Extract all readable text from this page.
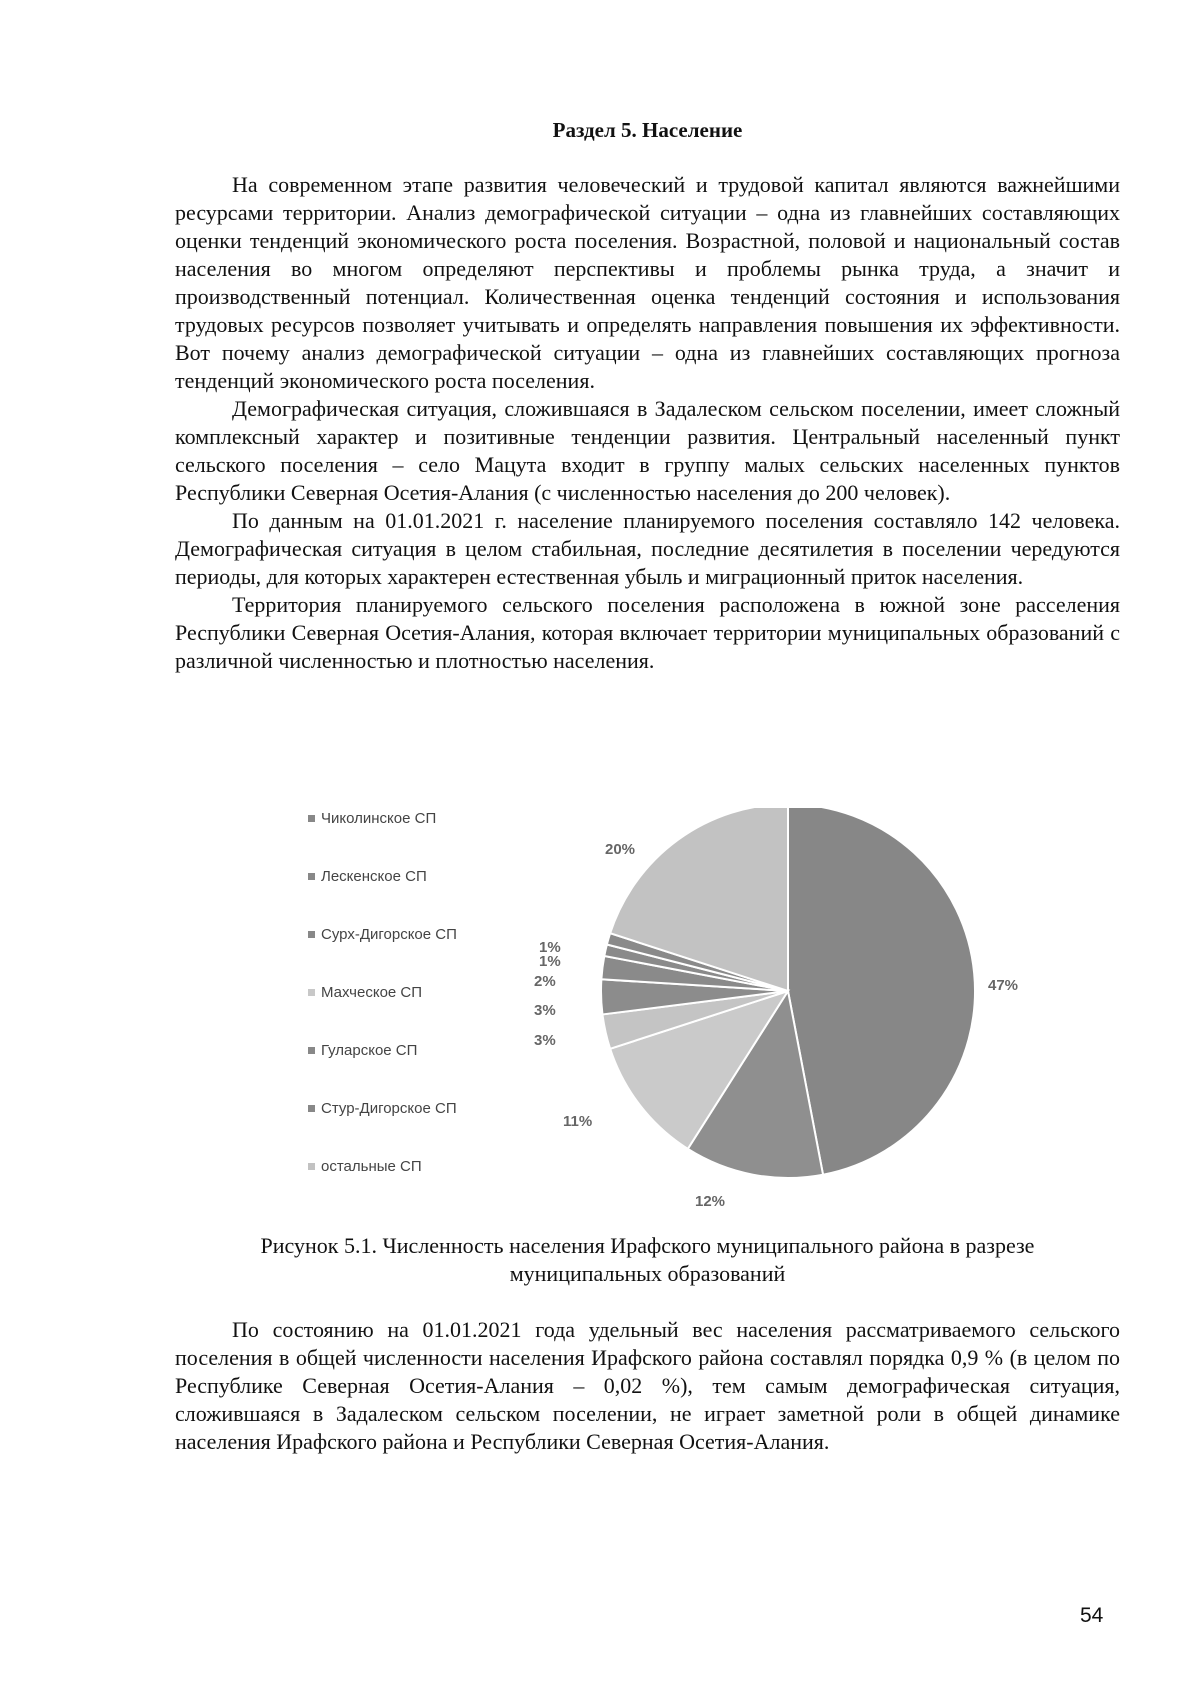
Раздел 5. Население

На современном этапе развития человеческий и трудовой капитал являются важнейшими ресурсами территории. Анализ демографической ситуации – одна из главнейших составляющих оценки тенденций экономического роста поселения. Возрастной, половой и национальный состав населения во многом определяют перспективы и проблемы рынка труда, а значит и производственный потенциал. Количественная оценка тенденций состояния и использования трудовых ресурсов позволяет учитывать и определять направления повышения их эффективности. Вот почему анализ демографической ситуации – одна из главнейших составляющих прогноза тенденций экономического роста поселения.

Демографическая ситуация, сложившаяся в Задалеском сельском поселении, имеет сложный комплексный характер и позитивные тенденции развития. Центральный населенный пункт сельского поселения – село Мацута входит в группу малых сельских населенных пунктов Республики Северная Осетия-Алания (с численностью населения до 200 человек).

По данным на 01.01.2021 г. население планируемого поселения составляло 142 человека. Демографическая ситуация в целом стабильная, последние десятилетия в поселении чередуются периоды, для которых характерен естественная убыль и миграционный приток населения.

Территория планируемого сельского поселения расположена в южной зоне расселения Республики Северная Осетия-Алания, которая включает территории муниципальных образований с различной численностью и плотностью населения.

Чиколинское СП
Лескенское СП
Сурх-Дигорское СП
Махческое СП
Гуларское СП
Стур-Дигорское СП
остальные СП
47%
12%
11%
3%
3%
2%
1%
1%
20%
Рисунок 5.1. Численность населения Ирафского муниципального района в разрезе
муниципальных образований

По состоянию на 01.01.2021 года удельный вес населения рассматриваемого сельского поселения в общей численности населения Ирафского района составлял порядка 0,9 % (в целом по Республике Северная Осетия-Алания – 0,02 %), тем самым демографическая ситуация, сложившаяся в Задалеском сельском поселении, не играет заметной роли в общей динамике населения Ирафского района и Республики Северная Осетия-Алания.

54
